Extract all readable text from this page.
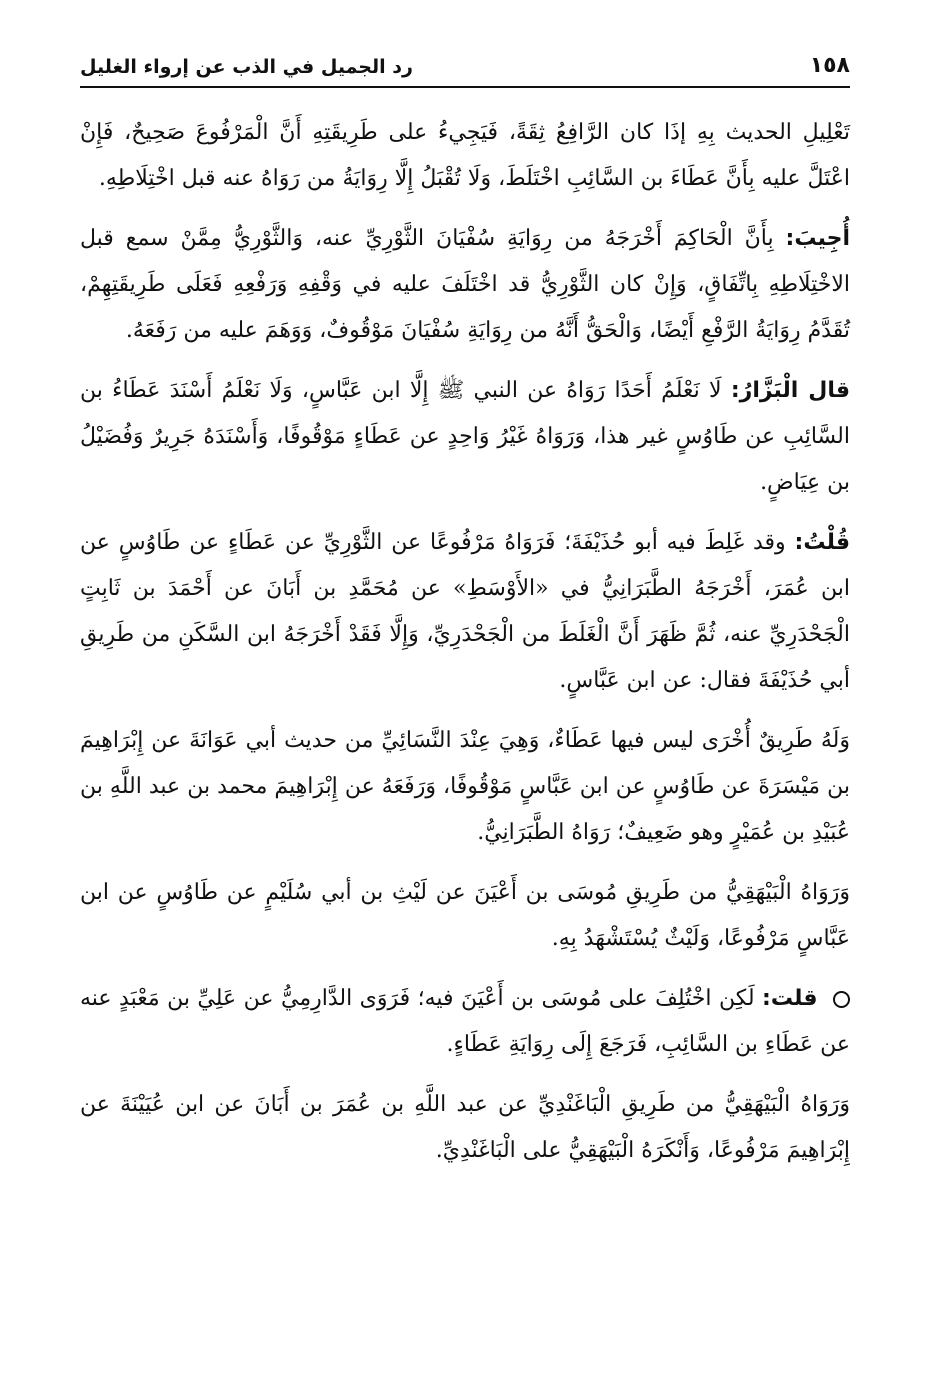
١٥٨
رد الجميل في الذب عن إرواء الغليل

تَعْلِيلِ الحديث بِهِ إذَا كان الرَّافِعُ ثِقَةً، فَيَجِيءُ على طَرِيقَتِهِ أَنَّ الْمَرْفُوعَ صَحِيحٌ، فَإِنْ اعْتَلَّ عليه بِأَنَّ عَطَاءَ بن السَّائِبِ اخْتَلَطَ، وَلَا تُقْبَلُ إِلَّا رِوَايَةُ من رَوَاهُ عنه قبل اخْتِلَاطِهِ.

أُجِيبَ: بِأَنَّ الْحَاكِمَ أَخْرَجَهُ من رِوَايَةِ سُفْيَانَ الثَّوْرِيِّ عنه، وَالثَّوْرِيُّ مِمَّنْ سمع قبل الاخْتِلَاطِهِ بِاتِّفَاقٍ، وَإِنْ كان الثَّوْرِيُّ قد اخْتَلَفَ عليه في وَقْفِهِ وَرَفْعِهِ فَعَلَى طَرِيقَتِهِمْ، تُقَدَّمُ رِوَايَةُ الرَّفْعِ أَيْضًا، وَالْحَقُّ أَنَّهُ من رِوَايَةِ سُفْيَانَ مَوْقُوفٌ، وَوَهَمَ عليه من رَفَعَهُ.

قال الْبَزَّارُ: لَا نَعْلَمُ أَحَدًا رَوَاهُ عن النبي ﷺ إِلَّا ابن عَبَّاسٍ، وَلَا نَعْلَمُ أَسْنَدَ عَطَاءُ بن السَّائِبِ عن طَاوُسٍ غير هذا، وَرَوَاهُ غَيْرُ وَاحِدٍ عن عَطَاءٍ مَوْقُوفًا، وَأَسْنَدَهُ جَرِيرٌ وَفُضَيْلُ بن عِيَاضٍ.

قُلْتُ: وقد غَلِطَ فيه أبو حُذَيْفَةَ؛ فَرَوَاهُ مَرْفُوعًا عن الثَّوْرِيِّ عن عَطَاءٍ عن طَاوُسٍ عن ابن عُمَرَ، أَخْرَجَهُ الطَّبَرَانِيُّ في «الأَوْسَطِ» عن مُحَمَّدِ بن أَبَانَ عن أَحْمَدَ بن ثَابِتٍ الْجَحْدَرِيِّ عنه، ثُمَّ ظَهَرَ أَنَّ الْغَلَطَ من الْجَحْدَرِيِّ، وَإِلَّا فَقَدْ أَخْرَجَهُ ابن السَّكَنِ من طَرِيقِ أبي حُذَيْفَةَ فقال: عن ابن عَبَّاسٍ.

وَلَهُ طَرِيقٌ أُخْرَى ليس فيها عَطَاءٌ، وَهِيَ عِنْدَ النَّسَائِيِّ من حديث أبي عَوَانَةَ عن إِبْرَاهِيمَ بن مَيْسَرَةَ عن طَاوُسٍ عن ابن عَبَّاسٍ مَوْقُوفًا، وَرَفَعَهُ عن إِبْرَاهِيمَ محمد بن عبد اللَّهِ بن عُبَيْدِ بن عُمَيْرٍ وهو ضَعِيفٌ؛ رَوَاهُ الطَّبَرَانِيُّ.

وَرَوَاهُ الْبَيْهَقِيُّ من طَرِيقِ مُوسَى بن أَعْيَنَ عن لَيْثِ بن أبي سُلَيْمٍ عن طَاوُسٍ عن ابن عَبَّاسٍ مَرْفُوعًا، وَلَيْثٌ يُسْتَشْهَدُ بِهِ.

قلت: لَكِن اخْتُلِفَ على مُوسَى بن أَعْيَنَ فيه؛ فَرَوَى الدَّارِمِيُّ عن عَلِيِّ بن مَعْبَدٍ عنه عن عَطَاءِ بن السَّائِبِ، فَرَجَعَ إِلَى رِوَايَةِ عَطَاءٍ.

وَرَوَاهُ الْبَيْهَقِيُّ من طَرِيقِ الْبَاغَنْدِيِّ عن عبد اللَّهِ بن عُمَرَ بن أَبَانَ عن ابن عُيَيْنَةَ عن إِبْرَاهِيمَ مَرْفُوعًا، وَأَنْكَرَهُ الْبَيْهَقِيُّ على الْبَاغَنْدِيِّ.
